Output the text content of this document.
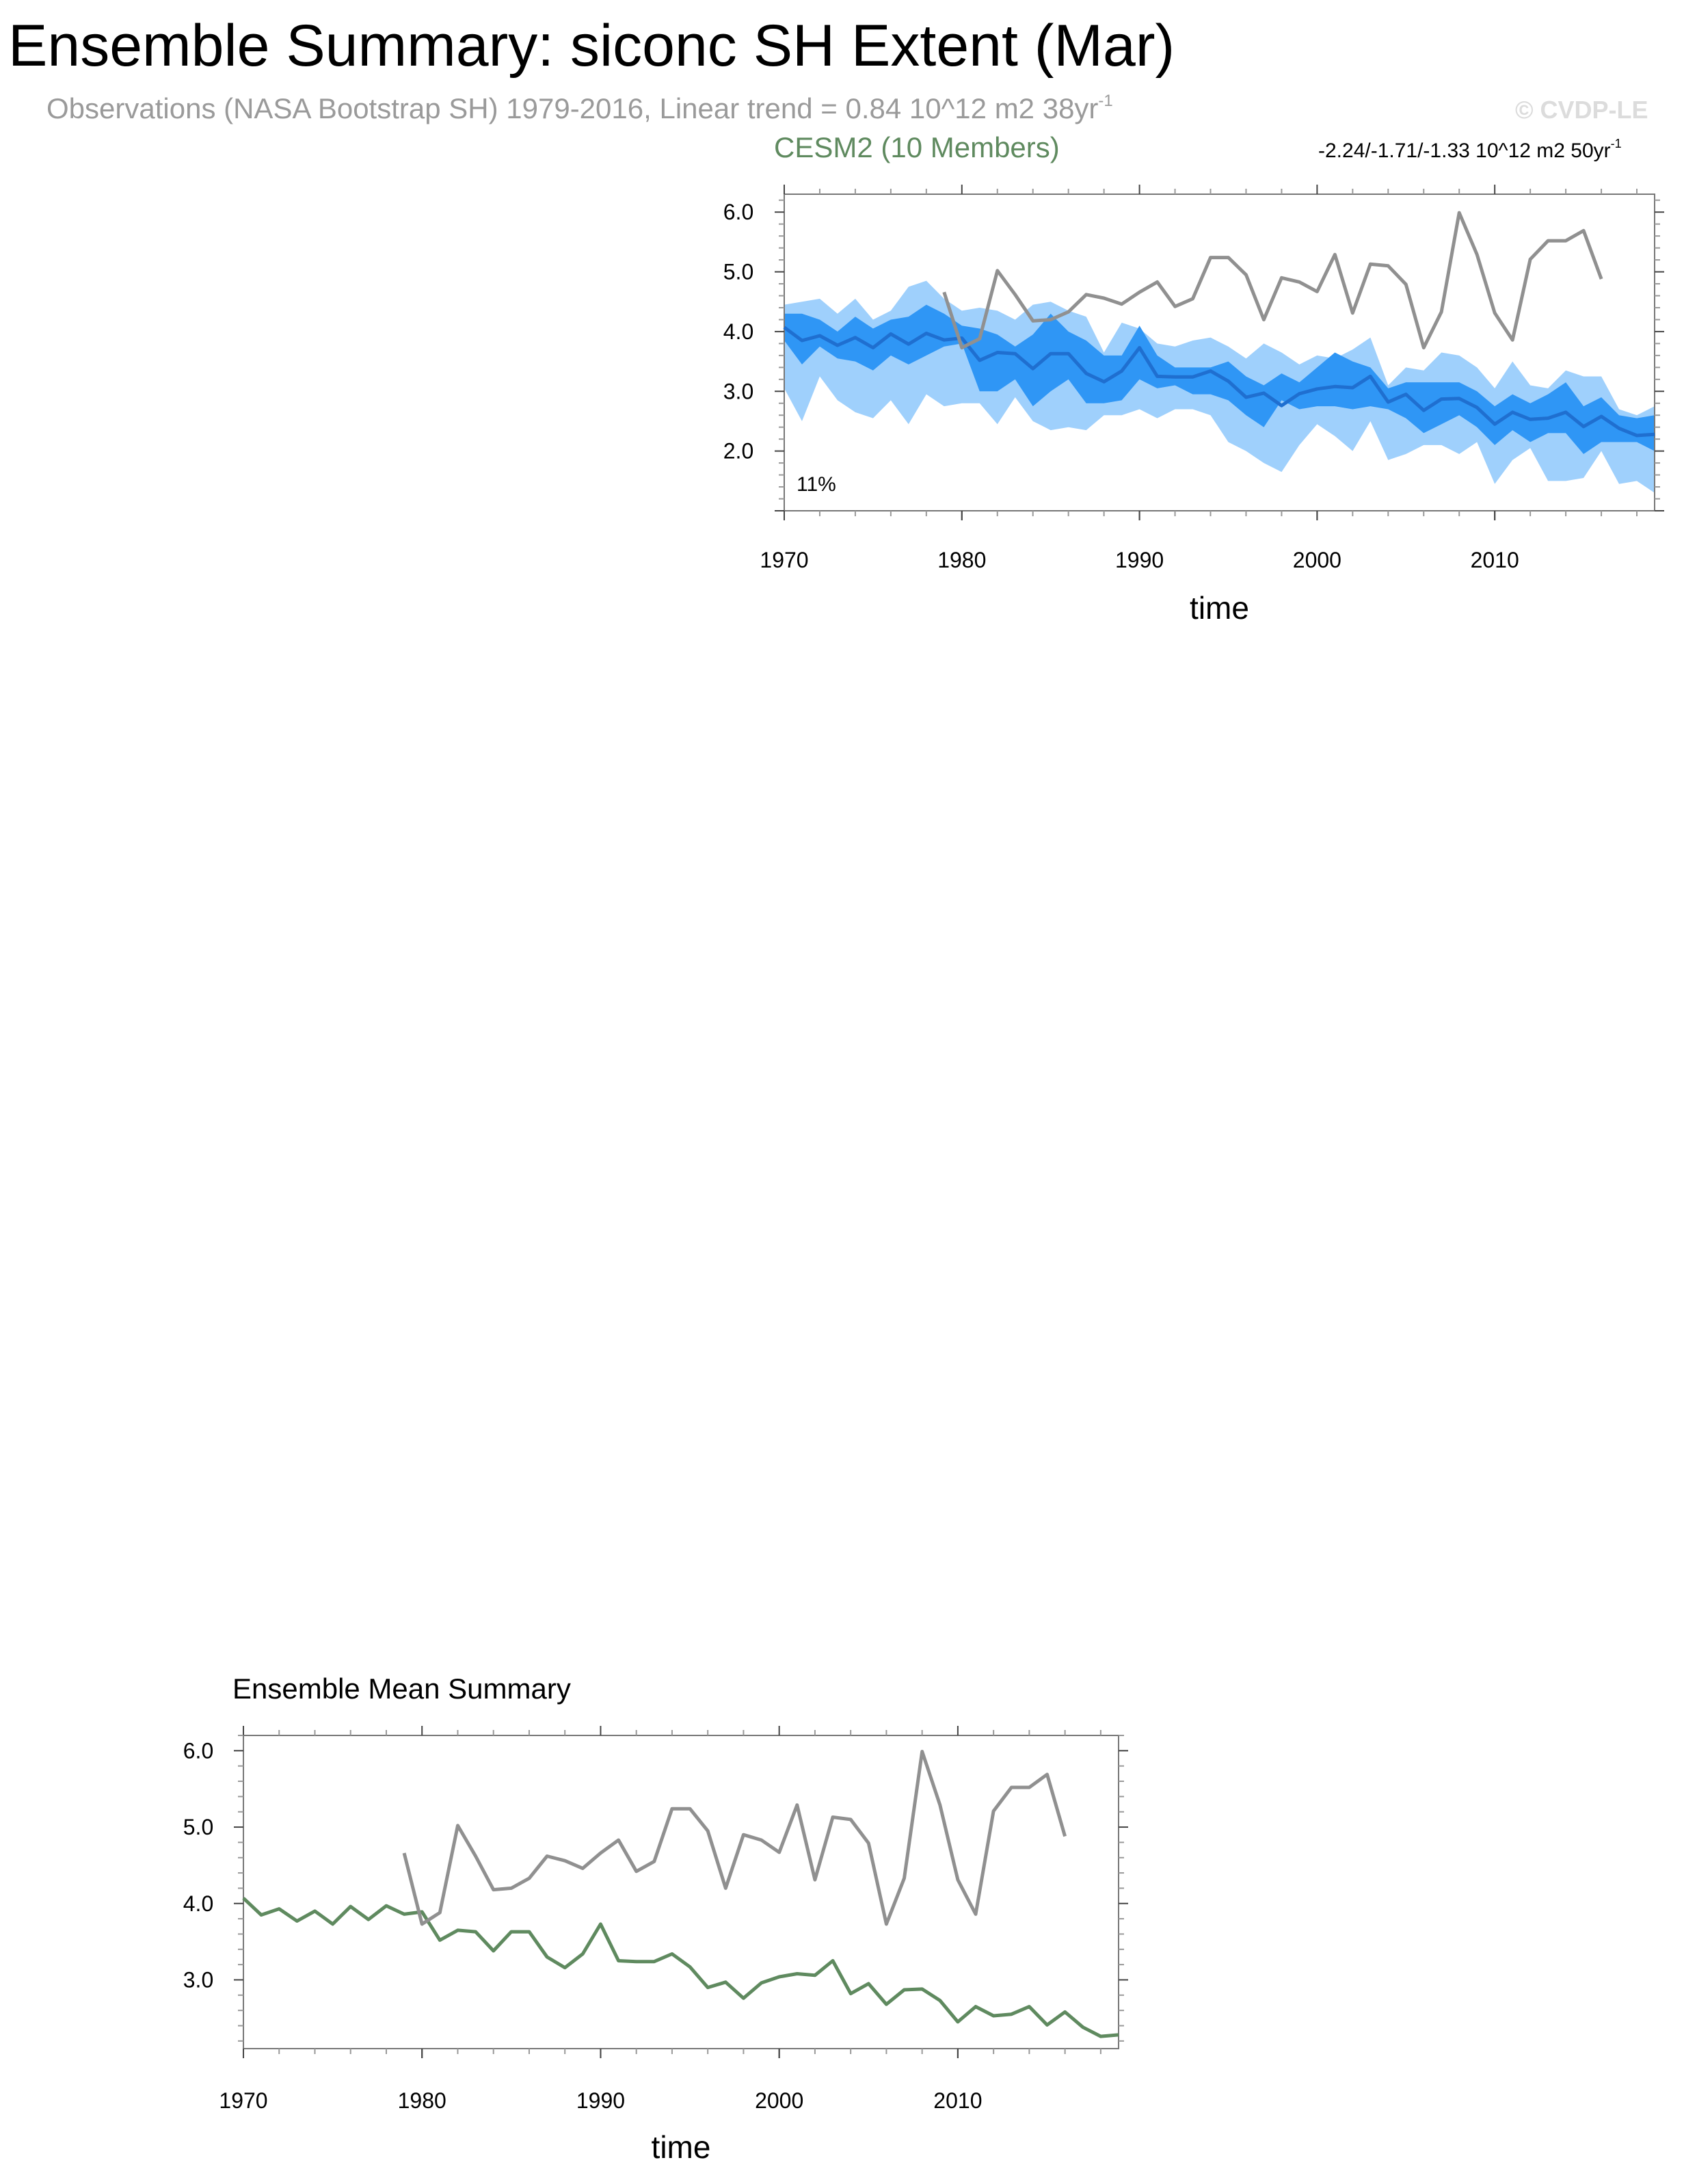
Ensemble Summary: siconc SH Extent (Mar)
Observations (NASA Bootstrap SH) 1979-2016, Linear trend = 0.84 10^12 m2 $38yr^{-1}$	© CVDP-LE
CESM2 (10 Members)	-2.24/-1.71/-1.33 10^12 m2 $50yr^{-1}$
Ensemble Mean Summary
1970	1980	1990	2000	2010
2.0
3.0
4.0
5.0
6.0
time
11%
1970	1980	1990	2000	2010
3.0
4.0
5.0
6.0
time
